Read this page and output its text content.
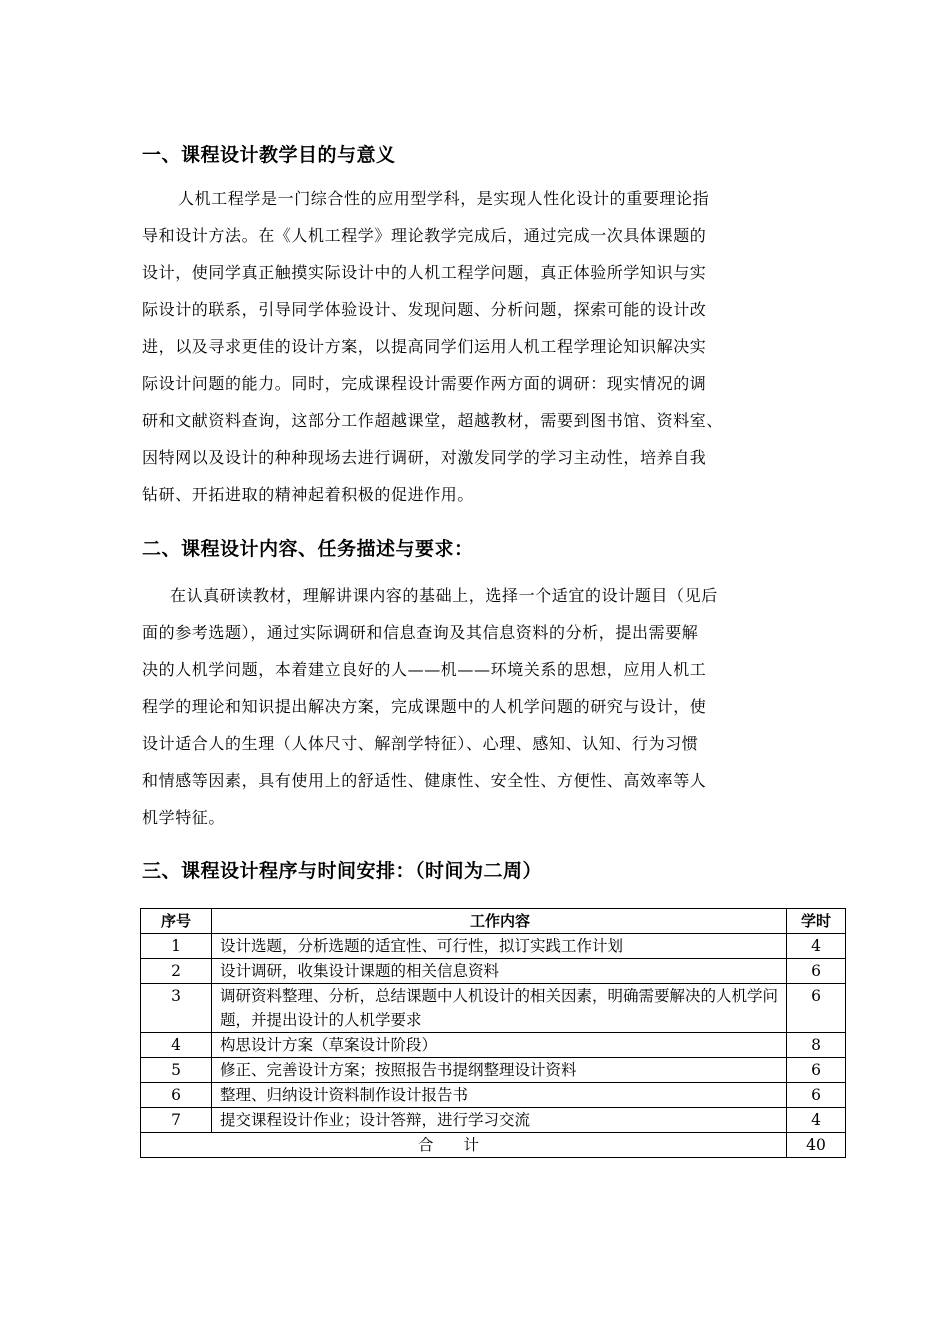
一、课程设计教学目的与意义
人机工程学是一门综合性的应用型学科，是实现人性化设计的重要理论指
导和设计方法。在《人机工程学》理论教学完成后，通过完成一次具体课题的
设计，使同学真正触摸实际设计中的人机工程学问题，真正体验所学知识与实
际设计的联系，引导同学体验设计、发现问题、分析问题，探索可能的设计改
进，以及寻求更佳的设计方案，以提高同学们运用人机工程学理论知识解决实
际设计问题的能力。同时，完成课程设计需要作两方面的调研：现实情况的调
研和文献资料查询，这部分工作超越课堂，超越教材，需要到图书馆、资料室、
因特网以及设计的种种现场去进行调研，对激发同学的学习主动性，培养自我
钻研、开拓进取的精神起着积极的促进作用。
二、课程设计内容、任务描述与要求：
在认真研读教材，理解讲课内容的基础上，选择一个适宜的设计题目（见后
面的参考选题），通过实际调研和信息查询及其信息资料的分析，提出需要解
决的人机学问题，本着建立良好的人——机——环境关系的思想，应用人机工
程学的理论和知识提出解决方案，完成课题中的人机学问题的研究与设计，使
设计适合人的生理（人体尺寸、解剖学特征）、心理、感知、认知、行为习惯
和情感等因素，具有使用上的舒适性、健康性、安全性、方便性、高效率等人
机学特征。
三、课程设计程序与时间安排：（时间为二周）
序号	工作内容	学时
1	设计选题，分析选题的适宜性、可行性，拟订实践工作计划	4
2	设计调研，收集设计课题的相关信息资料	6
3	调研资料整理、分析，总结课题中人机设计的相关因素，明确需要解决的人机学问题，并提出设计的人机学要求	6
4	构思设计方案（草案设计阶段）	8
5	修正、完善设计方案；按照报告书提纲整理设计资料	6
6	整理、归纳设计资料制作设计报告书	6
7	提交课程设计作业；设计答辩，进行学习交流	4
合计		40
